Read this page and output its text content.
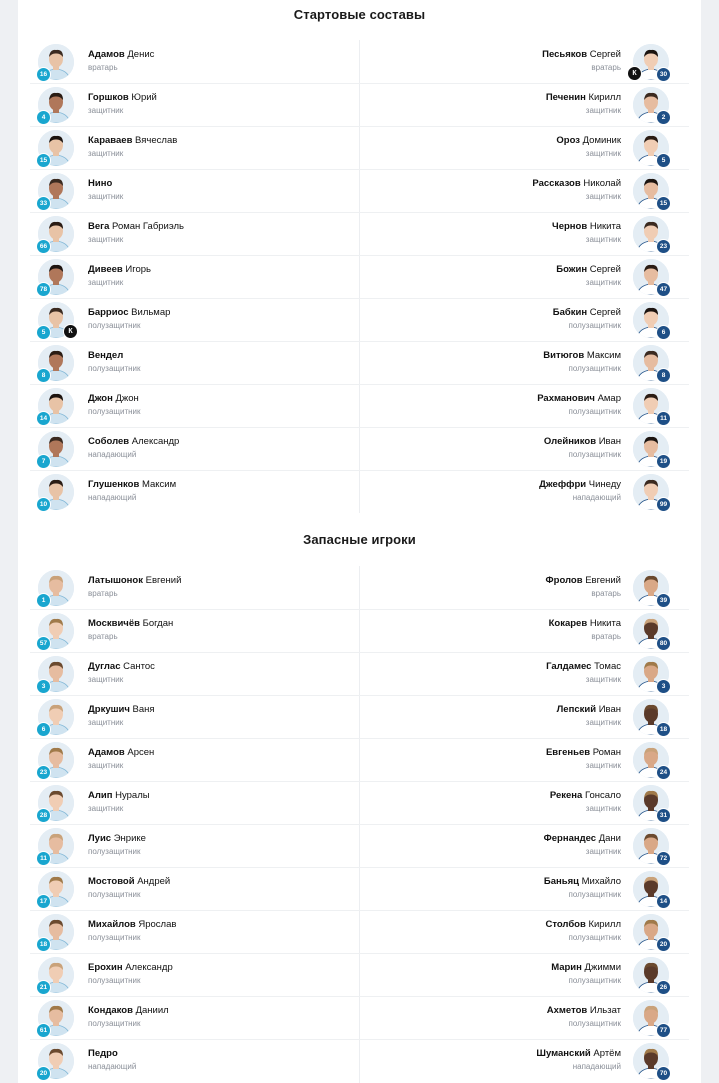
Стартовые составы
16
Адамов Денис
вратарь
4
Горшков Юрий
защитник
15
Караваев Вячеслав
защитник
33
Нино
защитник
66
Вега Роман Габриэль
защитник
78
Дивеев Игорь
защитник
5	К
Барриос Вильмар
полузащитник
8
Вендел
полузащитник
14
Джон Джон
полузащитник
7
Соболев Александр
нападающий
10
Глушенков Максим
нападающий
30
К
Песьяков Сергей
вратарь
2
Печенин Кирилл
защитник
5
Ороз Доминик
защитник
15
Рассказов Николай
защитник
23
Чернов Никита
защитник
47
Божин Сергей
защитник
6
Бабкин Сергей
полузащитник
8
Витюгов Максим
полузащитник
11
Рахманович Амар
полузащитник
19
Олейников Иван
полузащитник
99
Джеффри Чинеду
нападающий
Запасные игроки
1
Латышонок Евгений
вратарь
57
Москвичёв Богдан
вратарь
3
Дуглас Сантос
защитник
6
Дркушич Ваня
защитник
23
Адамов Арсен
защитник
28
Алип Нуралы
защитник
11
Луис Энрике
полузащитник
17
Мостовой Андрей
полузащитник
18
Михайлов Ярослав
полузащитник
21
Ерохин Александр
полузащитник
61
Кондаков Даниил
полузащитник
20
Педро
нападающий
39
Фролов Евгений
вратарь
80
Кокарев Никита
вратарь
3
Галдамес Томас
защитник
18
Лепский Иван
защитник
24
Евгеньев Роман
защитник
31
Рекена Гонсало
защитник
72
Фернандес Дани
защитник
14
Баньяц Михайло
полузащитник
20
Столбов Кирилл
полузащитник
26
Марин Джимми
полузащитник
77
Ахметов Ильзат
полузащитник
70
Шуманский Артём
нападающий
